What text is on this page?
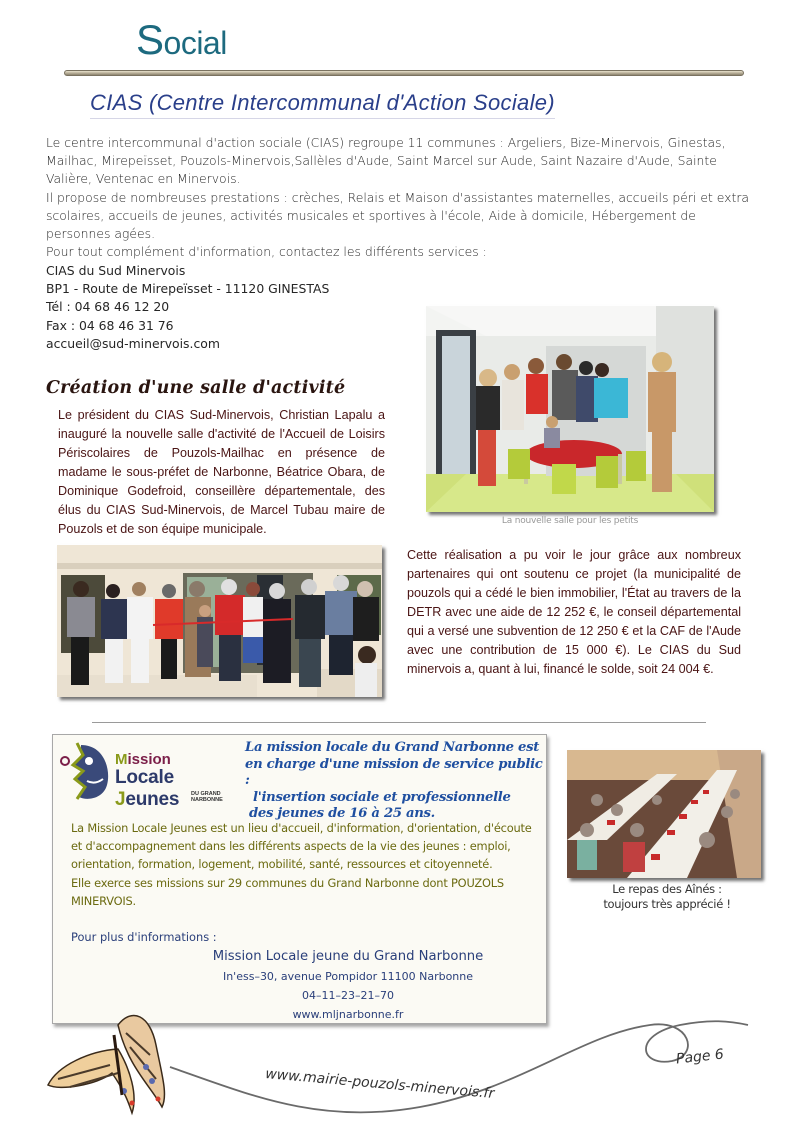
Social
CIAS (Centre Intercommunal d'Action Sociale)

Le centre intercommunal d'action sociale (CIAS) regroupe 11 communes : Argeliers, Bize-Minervois, Ginestas, Mailhac, Mirepeïsset, Pouzols-Minervois,Sallèles d'Aude, Saint Marcel sur Aude, Saint Nazaire d'Aude, Sainte Valière, Ventenac en Minervois.

Il propose de nombreuses prestations : crèches, Relais et Maison d'assistantes maternelles, accueils péri et extra scolaires, accueils de jeunes, activités musicales et sportives à l'école, Aide à domicile, Hébergement de personnes agées.

Pour tout complément d'information, contactez les différents services :

CIAS du Sud Minervois
BP1 - Route de Mirepeïsset - 11120 GINESTAS
Tél : 04 68 46 12 20
Fax : 04 68 46 31 76
accueil@sud-minervois.com
Création d'une salle d'activité
Le président du CIAS Sud-Minervois, Christian Lapalu a inauguré la nouvelle salle d'activité de l'Accueil de Loisirs Périscolaires de Pouzols-Mailhac en présence de madame le sous-préfet de Narbonne, Béatrice Obara, de Dominique Godefroid, conseillère départementale, des élus du CIAS Sud-Minervois, de Marcel Tubau maire de Pouzols et de son équipe municipale.
La nouvelle salle pour les petits
Cette réalisation a pu voir le jour grâce aux nombreux partenaires qui ont soutenu ce projet (la municipalité de pouzols qui a cédé le bien immobilier, l'État au travers de la DETR avec une aide de 12 252 €, le conseil départemental qui a versé une subvention de 12 250 € et la CAF de l'Aude avec une contribution de 15 000 €). Le CIAS du Sud minervois a, quant à lui, financé le solde, soit 24 004 €.
Mission
Locale Jeunes	DU GRAND NARBONNE
La mission locale du Grand Narbonne est
en charge d'une mission de service public :
l'insertion sociale et professionnelle
des jeunes de 16 à 25 ans.
La Mission Locale Jeunes est un lieu d'accueil, d'information, d'orientation, d'écoute et d'accompagnement dans les différents aspects de la vie des jeunes : emploi, orientation, formation, logement, mobilité, santé, ressources et citoyenneté.
Elle exerce ses missions sur 29 communes du Grand Narbonne dont POUZOLS MINERVOIS.
Pour plus d'informations :
Mission Locale jeune du Grand Narbonne
In'ess–30, avenue Pompidor 11100 Narbonne
04–11–23–21–70
www.mljnarbonne.fr
Le repas des Aînés :
toujours très apprécié !
www.mairie-pouzols-minervois.fr
Page 6
